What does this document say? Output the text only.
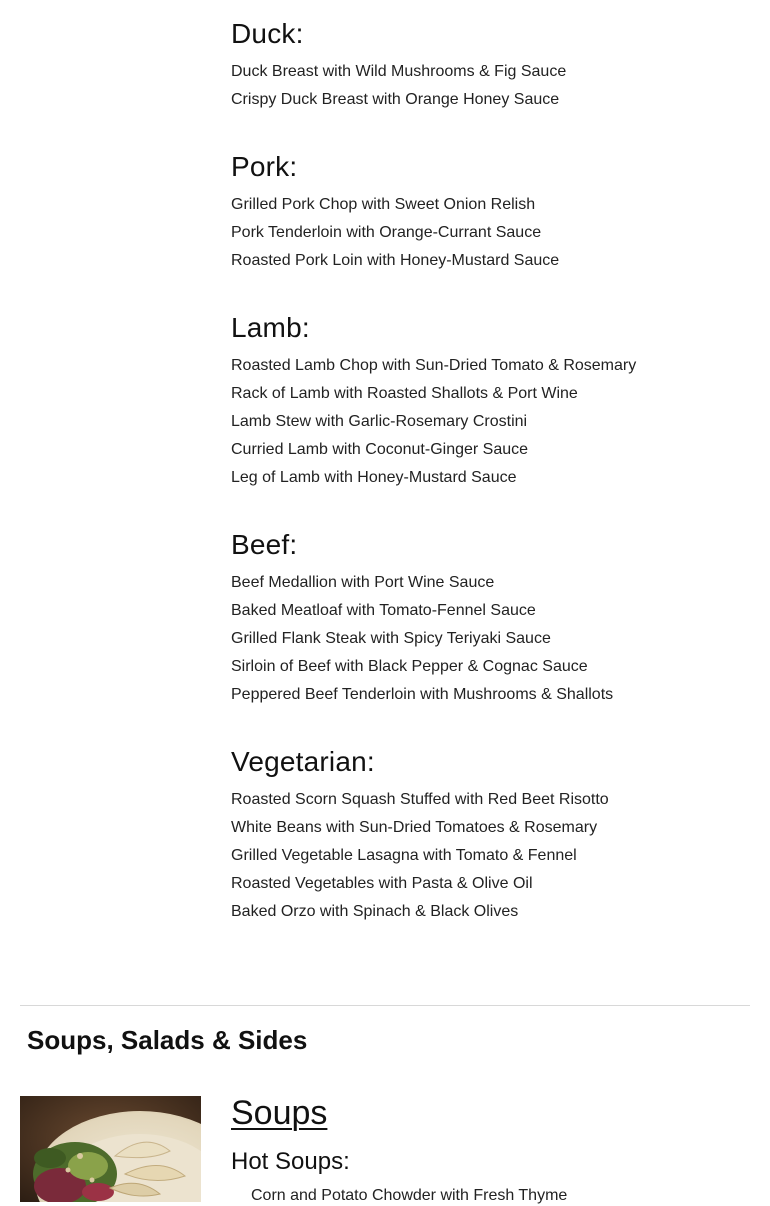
Duck:
Duck Breast with Wild Mushrooms & Fig Sauce
Crispy Duck Breast with Orange Honey Sauce
Pork:
Grilled Pork Chop with Sweet Onion Relish
Pork Tenderloin with Orange-Currant Sauce
Roasted Pork Loin with Honey-Mustard Sauce
Lamb:
Roasted Lamb Chop with Sun-Dried Tomato & Rosemary
Rack of Lamb with Roasted Shallots & Port Wine
Lamb Stew with Garlic-Rosemary Crostini
Curried Lamb with Coconut-Ginger Sauce
Leg of Lamb with Honey-Mustard Sauce
Beef:
Beef Medallion with Port Wine Sauce
Baked Meatloaf with Tomato-Fennel Sauce
Grilled Flank Steak with Spicy Teriyaki Sauce
Sirloin of Beef with Black Pepper & Cognac Sauce
Peppered Beef Tenderloin with Mushrooms & Shallots
Vegetarian:
Roasted Scorn Squash Stuffed with Red Beet Risotto
White Beans with Sun-Dried Tomatoes & Rosemary
Grilled Vegetable Lasagna with Tomato & Fennel
Roasted Vegetables with Pasta & Olive Oil
Baked Orzo with Spinach & Black Olives
Soups, Salads & Sides
Soups
Hot Soups:
Corn and Potato Chowder with Fresh Thyme
